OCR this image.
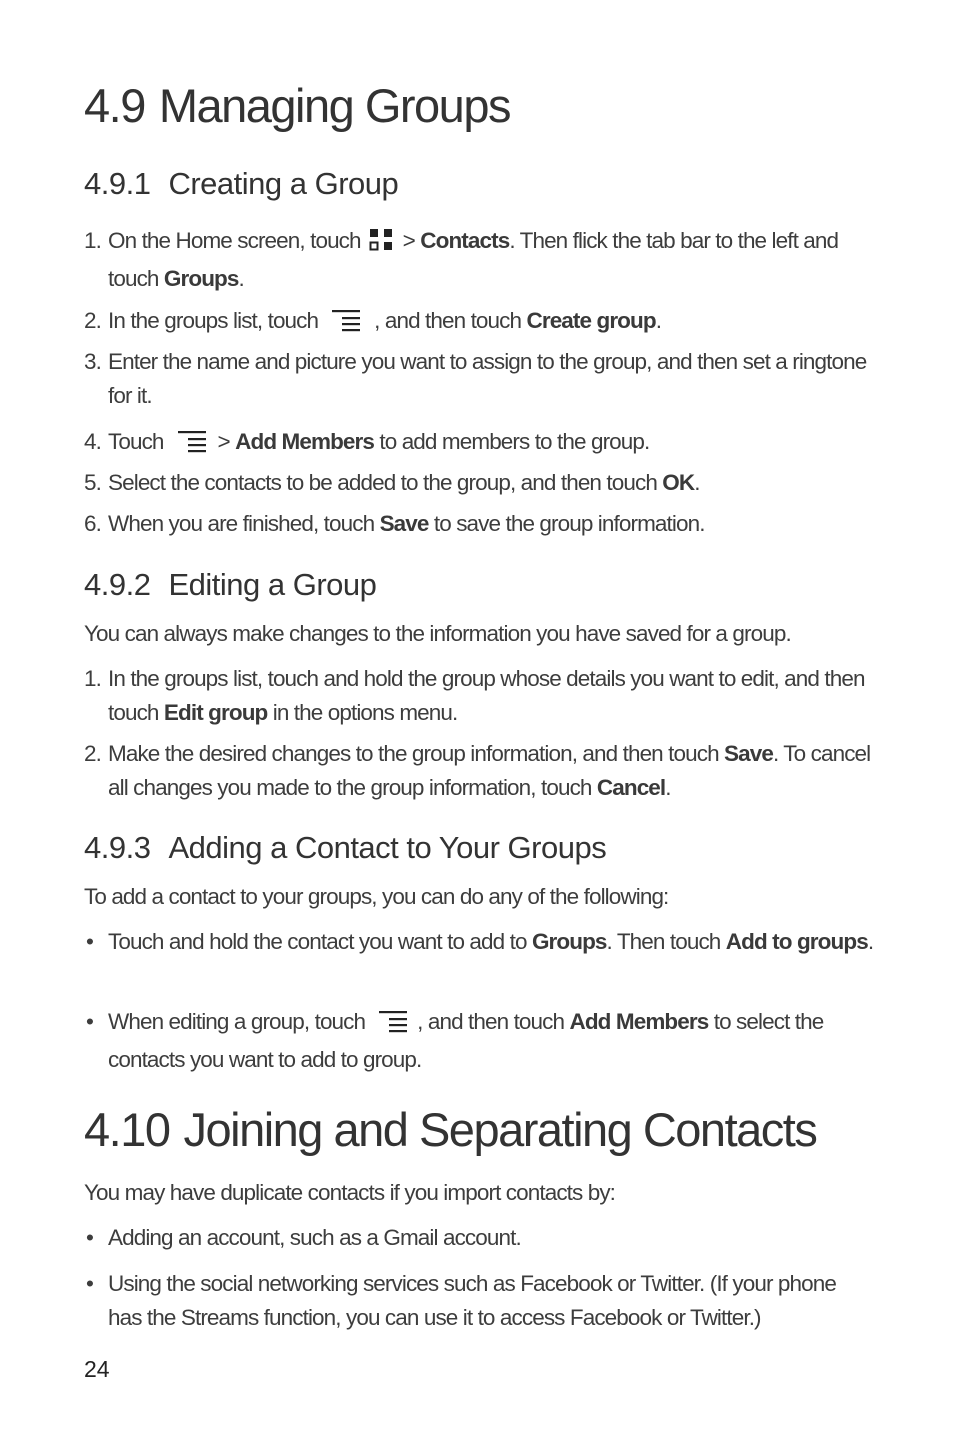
4.9 Managing Groups
4.9.1 Creating a Group
1. On the Home screen, touch > Contacts. Then flick the tab bar to the left and touch Groups.
2. In the groups list, touch , and then touch Create group.
3. Enter the name and picture you want to assign to the group, and then set a ringtone for it.
4. Touch > Add Members to add members to the group.
5. Select the contacts to be added to the group, and then touch OK.
6. When you are finished, touch Save to save the group information.
4.9.2 Editing a Group

You can always make changes to the information you have saved for a group.

1. In the groups list, touch and hold the group whose details you want to edit, and then touch Edit group in the options menu.
2. Make the desired changes to the group information, and then touch Save. To cancel all changes you made to the group information, touch Cancel.
4.9.3 Adding a Contact to Your Groups

To add a contact to your groups, you can do any of the following:

• Touch and hold the contact you want to add to Groups. Then touch Add to groups.
• When editing a group, touch , and then touch Add Members to select the contacts you want to add to group.
4.10 Joining and Separating Contacts

You may have duplicate contacts if you import contacts by:

• Adding an account, such as a Gmail account.
• Using the social networking services such as Facebook or Twitter. (If your phone has the Streams function, you can use it to access Facebook or Twitter.)
24
